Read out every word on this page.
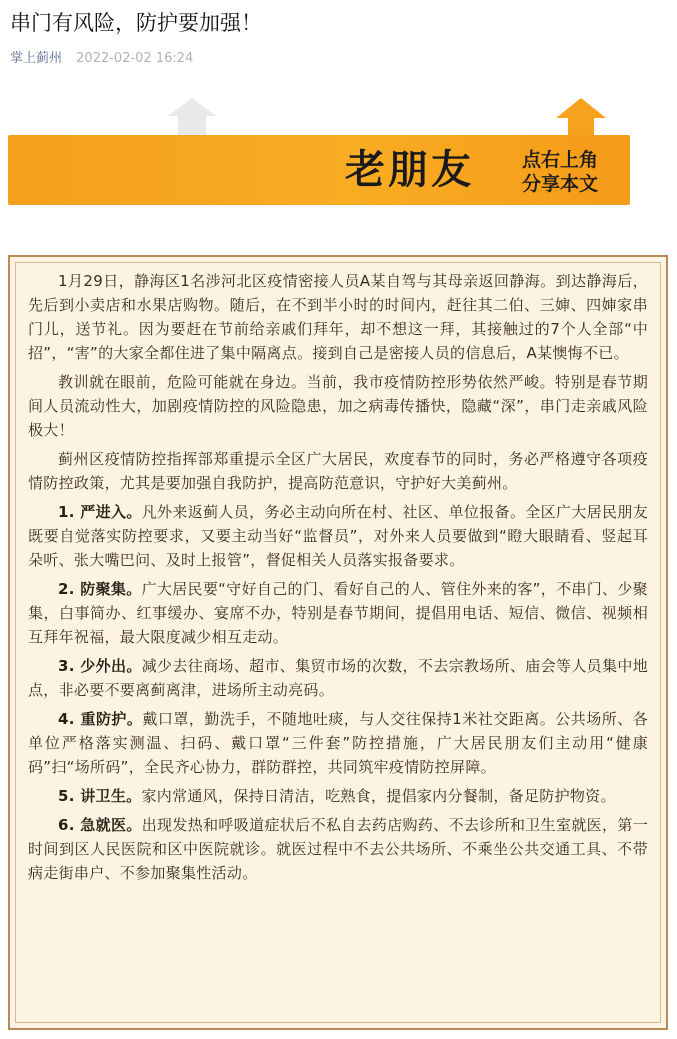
串门有风险，防护要加强！
掌上蓟州 2022-02-02 16:24
老朋友	点右上角
分享本文

1月29日，静海区1名涉河北区疫情密接人员A某自驾与其母亲返回静海。到达静海后，先后到小卖店和水果店购物。随后，在不到半小时的时间内，赶往其二伯、三婶、四婶家串门儿，送节礼。因为要赶在节前给亲戚们拜年，却不想这一拜，其接触过的7个人全部“中招”，“害”的大家全都住进了集中隔离点。接到自己是密接人员的信息后，A某懊悔不已。

教训就在眼前，危险可能就在身边。当前，我市疫情防控形势依然严峻。特别是春节期间人员流动性大，加剧疫情防控的风险隐患，加之病毒传播快，隐藏“深”，串门走亲戚风险极大！

蓟州区疫情防控指挥部郑重提示全区广大居民，欢度春节的同时，务必严格遵守各项疫情防控政策，尤其是要加强自我防护，提高防范意识，守护好大美蓟州。

1. 严进入。凡外来返蓟人员，务必主动向所在村、社区、单位报备。全区广大居民朋友既要自觉落实防控要求，又要主动当好“监督员”，对外来人员要做到“瞪大眼睛看、竖起耳朵听、张大嘴巴问、及时上报管”，督促相关人员落实报备要求。

2. 防聚集。广大居民要“守好自己的门、看好自己的人、管住外来的客”，不串门、少聚集，白事简办、红事缓办、宴席不办，特别是春节期间，提倡用电话、短信、微信、视频相互拜年祝福，最大限度减少相互走动。

3. 少外出。减少去往商场、超市、集贸市场的次数，不去宗教场所、庙会等人员集中地点，非必要不要离蓟离津，进场所主动亮码。

4. 重防护。戴口罩，勤洗手，不随地吐痰，与人交往保持1米社交距离。公共场所、各单位严格落实测温、扫码、戴口罩“三件套”防控措施，广大居民朋友们主动用“健康码”扫“场所码”，全民齐心协力，群防群控，共同筑牢疫情防控屏障。

5. 讲卫生。家内常通风，保持日清洁，吃熟食，提倡家内分餐制，备足防护物资。

6. 急就医。出现发热和呼吸道症状后不私自去药店购药、不去诊所和卫生室就医，第一时间到区人民医院和区中医院就诊。就医过程中不去公共场所、不乘坐公共交通工具、不带病走街串户、不参加聚集性活动。
